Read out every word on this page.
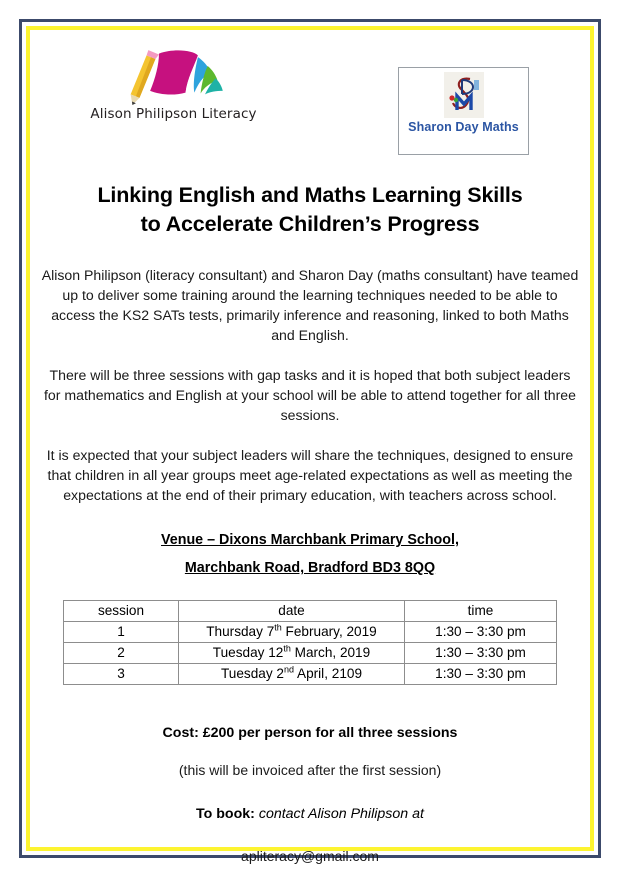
Alison Philipson Literacy
Sharon Day Maths
Linking English and Maths Learning Skills
to Accelerate Children’s Progress

Alison Philipson (literacy consultant) and Sharon Day (maths consultant) have teamed up to deliver some training around the learning techniques needed to be able to access the KS2 SATs tests, primarily inference and reasoning, linked to both Maths and English.

There will be three sessions with gap tasks and it is hoped that both subject leaders for mathematics and English at your school will be able to attend together for all three sessions.

It is expected that your subject leaders will share the techniques, designed to ensure that children in all year groups meet age-related expectations as well as meeting the expectations at the end of their primary education, with teachers across school.

Venue – Dixons Marchbank Primary School,
Marchbank Road, Bradford BD3 8QQ
session	date	time
1	Thursday 7th February, 2019	1:30 – 3:30 pm
2	Tuesday 12th March, 2019	1:30 – 3:30 pm
3	Tuesday 2nd April, 2109	1:30 – 3:30 pm
Cost: £200 per person for all three sessions
(this will be invoiced after the first session)
To book: contact Alison Philipson at
apliteracy@gmail.com
